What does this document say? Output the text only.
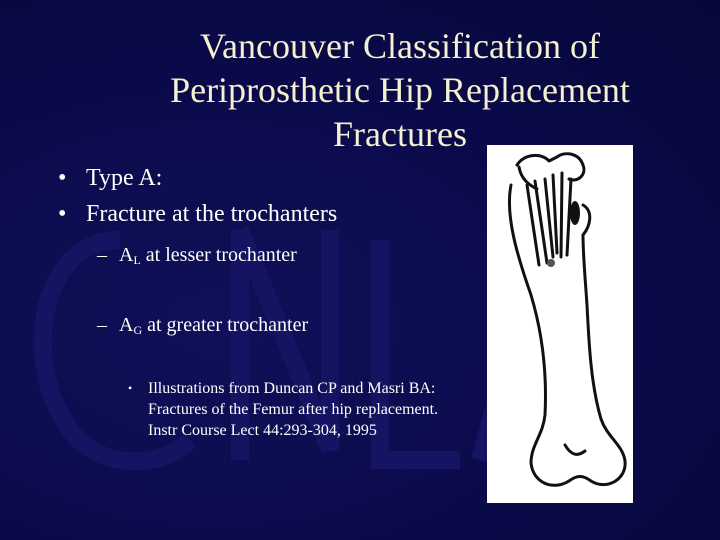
Vancouver Classification of
Periprosthetic Hip Replacement
Fractures
• Type A:
• Fracture at the trochanters
– $A_L$ at lesser trochanter
– $A_G$ at greater trochanter
• Illustrations from Duncan CP and Masri BA: Fractures of the Femur after hip replacement. Instr Course Lect 44:293-304, 1995
